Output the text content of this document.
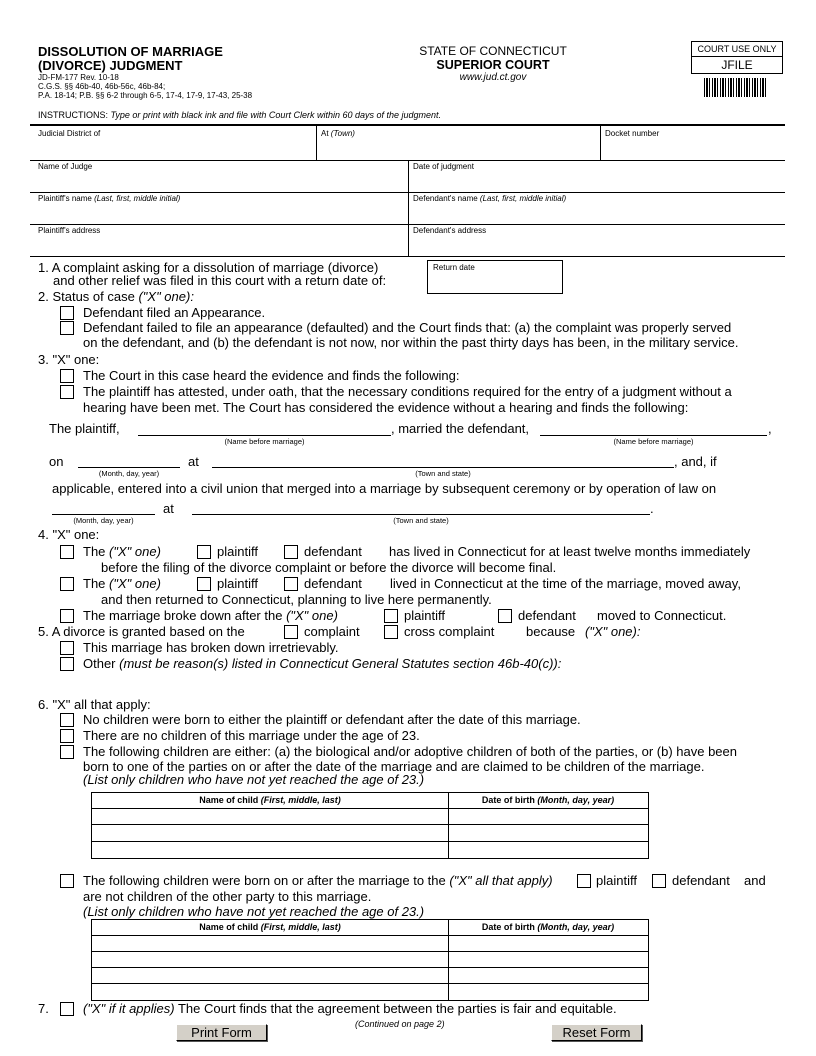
DISSOLUTION OF MARRIAGE
(DIVORCE) JUDGMENT
JD-FM-177 Rev. 10-18
C.G.S. §§ 46b-40, 46b-56c, 46b-84;
P.A. 18-14; P.B. §§ 6-2 through 6-5, 17-4, 17-9, 17-43, 25-38
STATE OF CONNECTICUT
SUPERIOR COURT
www.jud.ct.gov
COURT USE ONLY
JFILE
INSTRUCTIONS: Type or print with black ink and file with Court Clerk within 60 days of the judgment.
Judicial District of	At (Town)	Docket number
Name of Judge	Date of judgment
Plaintiff's name (Last, first, middle initial)	Defendant's name (Last, first, middle initial)
Plaintiff's address	Defendant's address
1. A complaint asking for a dissolution of marriage (divorce)
and other relief was filed in this court with a return date of:
Return date
2. Status of case ("X" one):
Defendant filed an Appearance.
Defendant failed to file an appearance (defaulted) and the Court finds that: (a) the complaint was properly served
on the defendant, and (b) the defendant is not now, nor within the past thirty days has been, in the military service.
3. "X" one:
The Court in this case heard the evidence and finds the following:
The plaintiff has attested, under oath, that the necessary conditions required for the entry of a judgment without a
hearing have been met. The Court has considered the evidence without a hearing and finds the following:
The plaintiff,
(Name before marriage)
, married the defendant,	,
(Name before marriage)
on
(Month, day, year)
at
(Town and state)
, and, if
applicable, entered into a civil union that merged into a marriage by subsequent ceremony or by operation of law on
(Month, day, year)
at	.
(Town and state)
4. "X" one:
The ("X" one)	plaintiff	defendant has lived in Connecticut for at least twelve months immediately
before the filing of the divorce complaint or before the divorce will become final.
The ("X" one)	plaintiff	defendant lived in Connecticut at the time of the marriage, moved away,
and then returned to Connecticut, planning to live here permanently.
The marriage broke down after the ("X" one)	plaintiff	defendant moved to Connecticut.
5. A divorce is granted based on the	complaint	cross complaint because ("X" one):
This marriage has broken down irretrievably.
Other (must be reason(s) listed in Connecticut General Statutes section 46b-40(c)):
6. "X" all that apply:
No children were born to either the plaintiff or defendant after the date of this marriage.
There are no children of this marriage under the age of 23.
The following children are either: (a) the biological and/or adoptive children of both of the parties, or (b) have been
born to one of the parties on or after the date of the marriage and are claimed to be children of the marriage.
(List only children who have not yet reached the age of 23.)
Name of child (First, middle, last)	Date of birth (Month, day, year)
The following children were born on or after the marriage to the ("X" all that apply)	plaintiff	defendant and
are not children of the other party to this marriage.
(List only children who have not yet reached the age of 23.)
Name of child (First, middle, last)	Date of birth (Month, day, year)
7.	("X" if it applies) The Court finds that the agreement between the parties is fair and equitable.
(Continued on page 2)
Print Form	Reset Form
